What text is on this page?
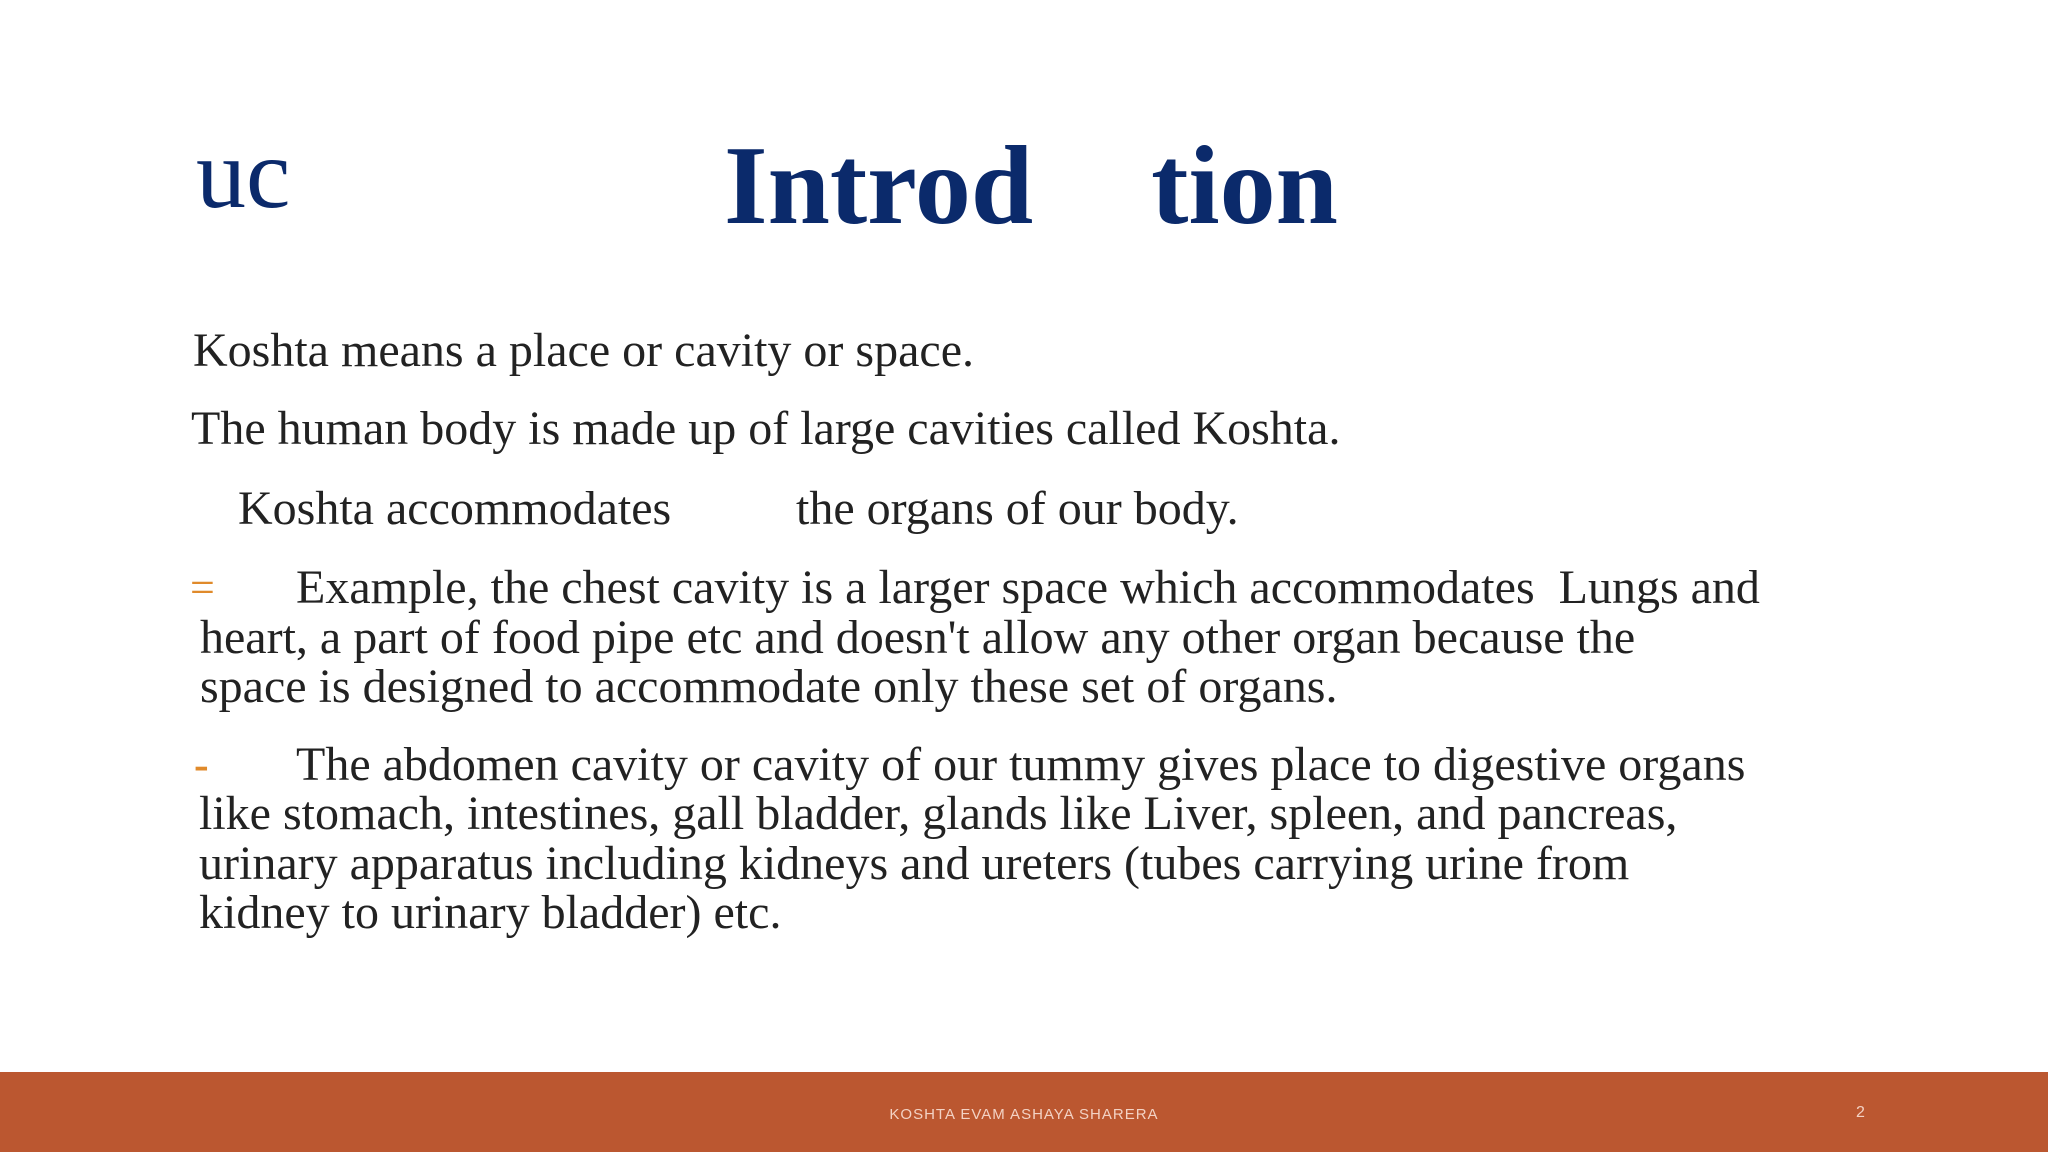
uc	Introd tion
Koshta means a place or cavity or space.
The human body is made up of large cavities called Koshta.
Koshta accommodates	the organs of our body.
= Example, the chest cavity is a larger space which accommodates  Lungs and
heart, a part of food pipe etc and doesn't allow any other organ because the
space is designed to accommodate only these set of organs.
- The abdomen cavity or cavity of our tummy gives place to digestive organs
like stomach, intestines, gall bladder, glands like Liver, spleen, and pancreas,
urinary apparatus including kidneys and ureters (tubes carrying urine from
kidney to urinary bladder) etc.
KOSHTA EVAM ASHAYA SHARERA	2
